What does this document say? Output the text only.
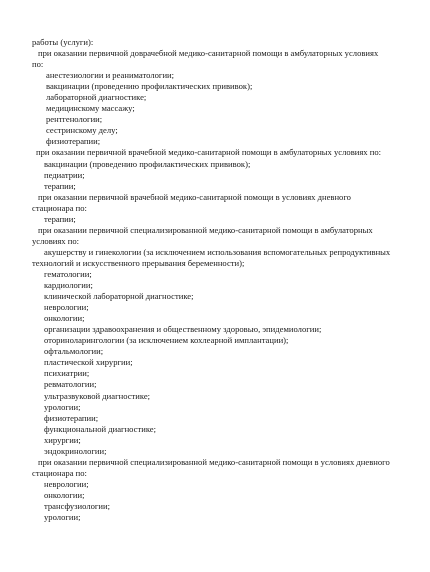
работы (услуги):
при оказании первичной доврачебной медико-санитарной помощи в амбулаторных условиях
по:
анестезиологии и реаниматологии;
вакцинации (проведению профилактических прививок);
лабораторной диагностике;
медицинскому массажу;
рентгенологии;
сестринскому делу;
физиотерапии;
при оказании первичной врачебной медико-санитарной помощи в амбулаторных условиях по:
вакцинации (проведению профилактических прививок);
педиатрии;
терапии;
при оказании первичной врачебной медико-санитарной помощи в условиях дневного
стационара по:
терапии;
при оказании первичной специализированной медико-санитарной помощи в амбулаторных
условиях по:
акушерству и гинекологии (за исключением использования вспомогательных репродуктивных
технологий и искусственного прерывания беременности);
гематологии;
кардиологии;
клинической лабораторной диагностике;
неврологии;
онкологии;
организации здравоохранения и общественному здоровью, эпидемиологии;
оториноларингологии (за исключением кохлеарной имплантации);
офтальмологии;
пластической хирургии;
психиатрии;
ревматологии;
ультразвуковой диагностике;
урологии;
физиотерапии;
функциональной диагностике;
хирургии;
эндокринологии;
при оказании первичной специализированной медико-санитарной помощи в условиях дневного
стационара по:
неврологии;
онкологии;
трансфузиологии;
урологии;
